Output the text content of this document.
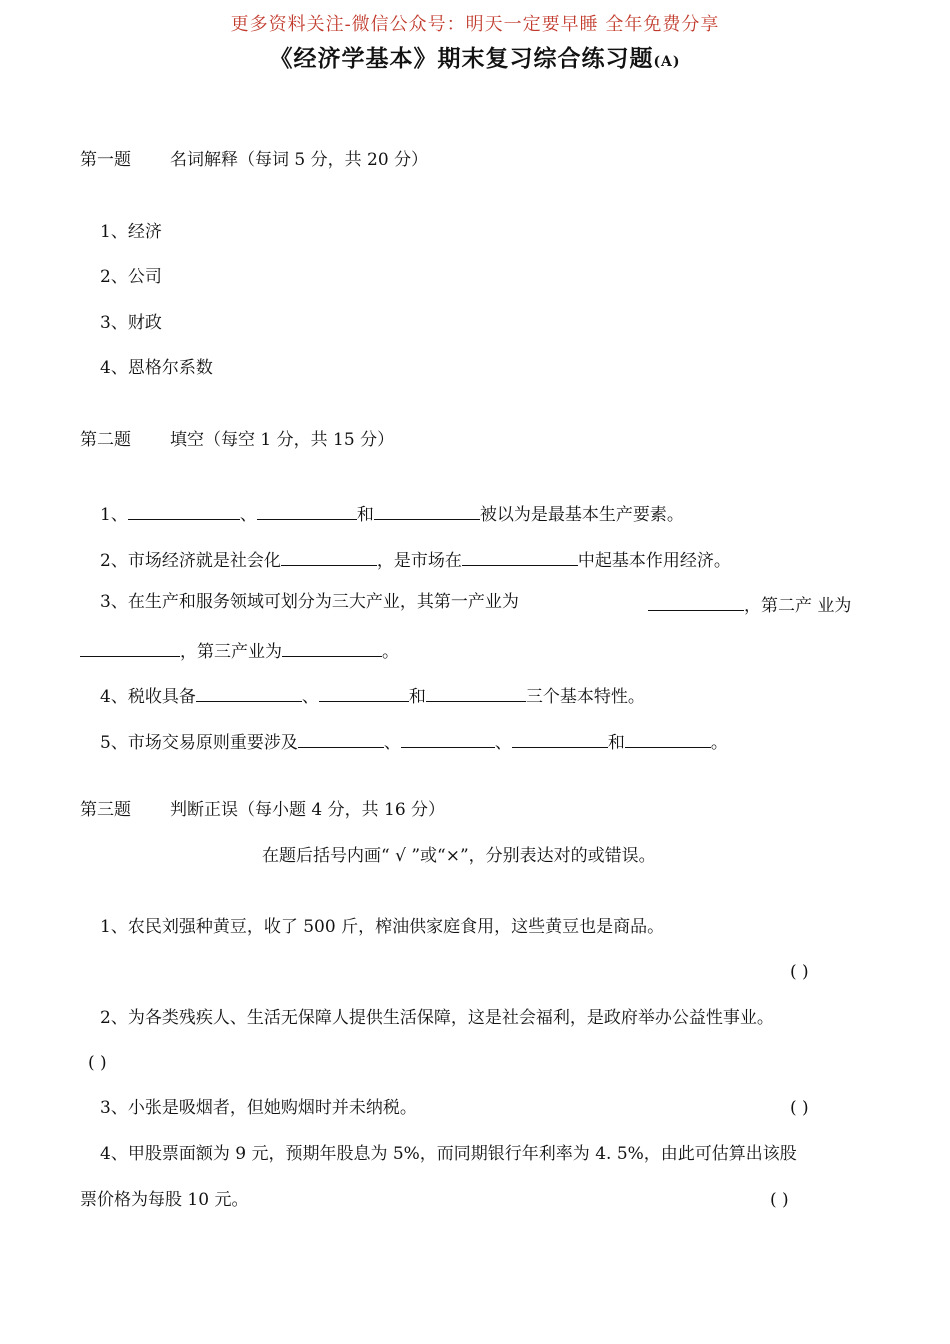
更多资料关注-微信公众号：明天一定要早睡 全年免费分享
《经济学基本》期末复习综合练习题(A)
第一题 名词解释（每词 5 分，共 20 分）
1、经济
2、公司
3、财政
4、恩格尔系数
第二题 填空（每空 1 分，共 15 分）
1、	、	和	被以为是最基本生产要素。
2、市场经济就是社会化	，是市场在	中起基本作用经济。
3、在生产和服务领域可划分为三大产业，其第一产业为	，第二产 业为
，第三产业为	。
4、税收具备	、	和	三个基本特性。
5、市场交易原则重要涉及	、	、	和	。
第三题 判断正误（每小题 4 分，共 16 分）
在题后括号内画“ √ ”或“×”，分别表达对的或错误。
1、农民刘强种黄豆，收了 500 斤，榨油供家庭食用，这些黄豆也是商品。
( )
2、为各类残疾人、生活无保障人提供生活保障，这是社会福利，是政府举办公益性事业。
( )
3、小张是吸烟者，但她购烟时并未纳税。	( )
4、甲股票面额为 9 元，预期年股息为 5%，而同期银行年利率为 4. 5%，由此可估算出该股
票价格为每股 10 元。	( )
